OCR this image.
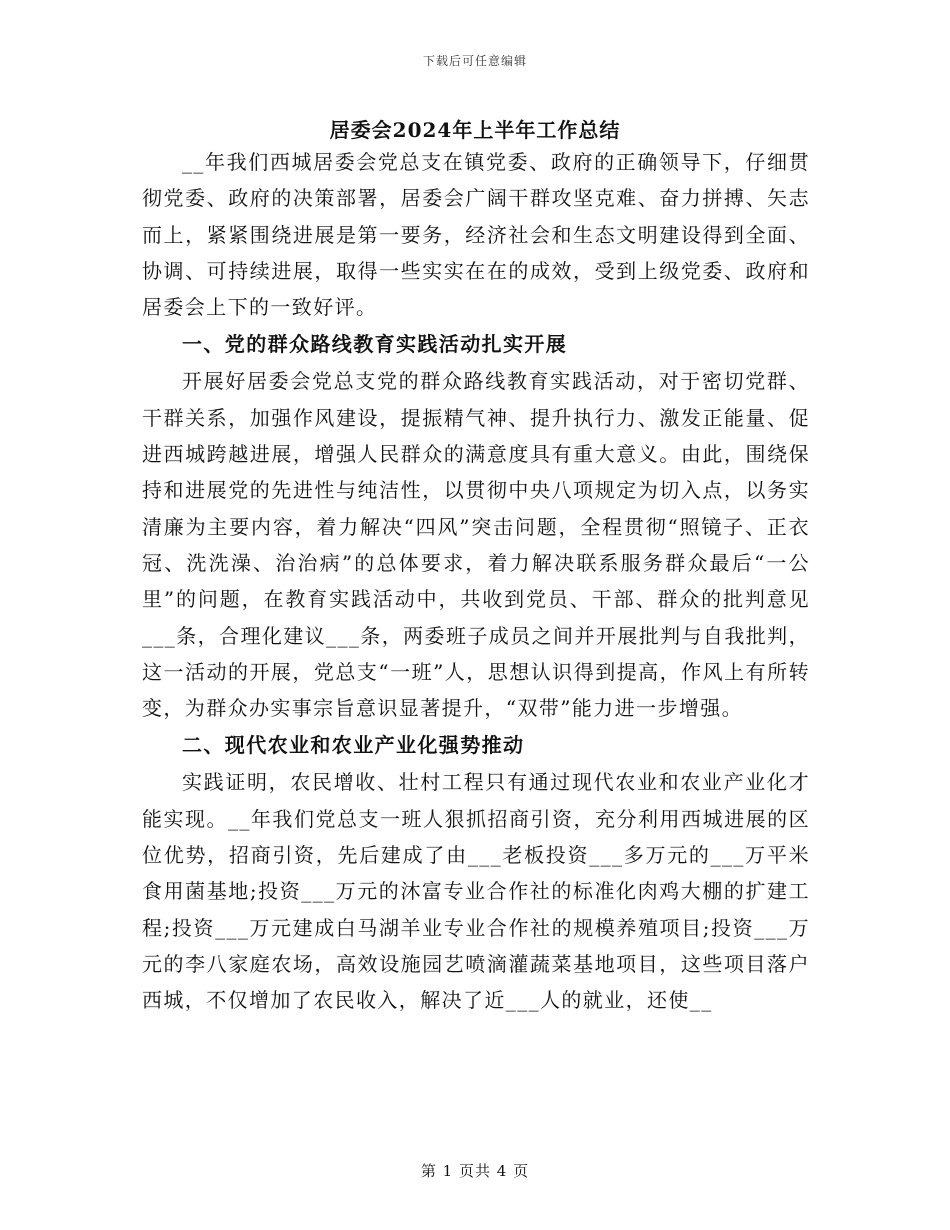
下载后可任意编辑
居委会2024年上半年工作总结

__年我们西城居委会党总支在镇党委、政府的正确领导下，仔细贯彻党委、政府的决策部署，居委会广阔干群攻坚克难、奋力拼搏、矢志而上，紧紧围绕进展是第一要务，经济社会和生态文明建设得到全面、协调、可持续进展，取得一些实实在在的成效，受到上级党委、政府和居委会上下的一致好评。

一、党的群众路线教育实践活动扎实开展

开展好居委会党总支党的群众路线教育实践活动，对于密切党群、干群关系，加强作风建设，提振精气神、提升执行力、激发正能量、促进西城跨越进展，增强人民群众的满意度具有重大意义。由此，围绕保持和进展党的先进性与纯洁性，以贯彻中央八项规定为切入点，以务实清廉为主要内容，着力解决“四风”突击问题，全程贯彻“照镜子、正衣冠、洗洗澡、治治病”的总体要求，着力解决联系服务群众最后“一公里”的问题，在教育实践活动中，共收到党员、干部、群众的批判意见___条，合理化建议___条，两委班子成员之间并开展批判与自我批判，这一活动的开展，党总支“一班”人，思想认识得到提高，作风上有所转变，为群众办实事宗旨意识显著提升，“双带”能力进一步增强。

二、现代农业和农业产业化强势推动

实践证明，农民增收、壮村工程只有通过现代农业和农业产业化才能实现。__年我们党总支一班人狠抓招商引资，充分利用西城进展的区位优势，招商引资，先后建成了由___老板投资___多万元的___万平米食用菌基地;投资___万元的沐富专业合作社的标准化肉鸡大棚的扩建工程;投资___万元建成白马湖羊业专业合作社的规模养殖项目;投资___万元的李八家庭农场，高效设施园艺喷滴灌蔬菜基地项目，这些项目落户西城，不仅增加了农民收入，解决了近___人的就业，还使__

第 1 页共 4 页
